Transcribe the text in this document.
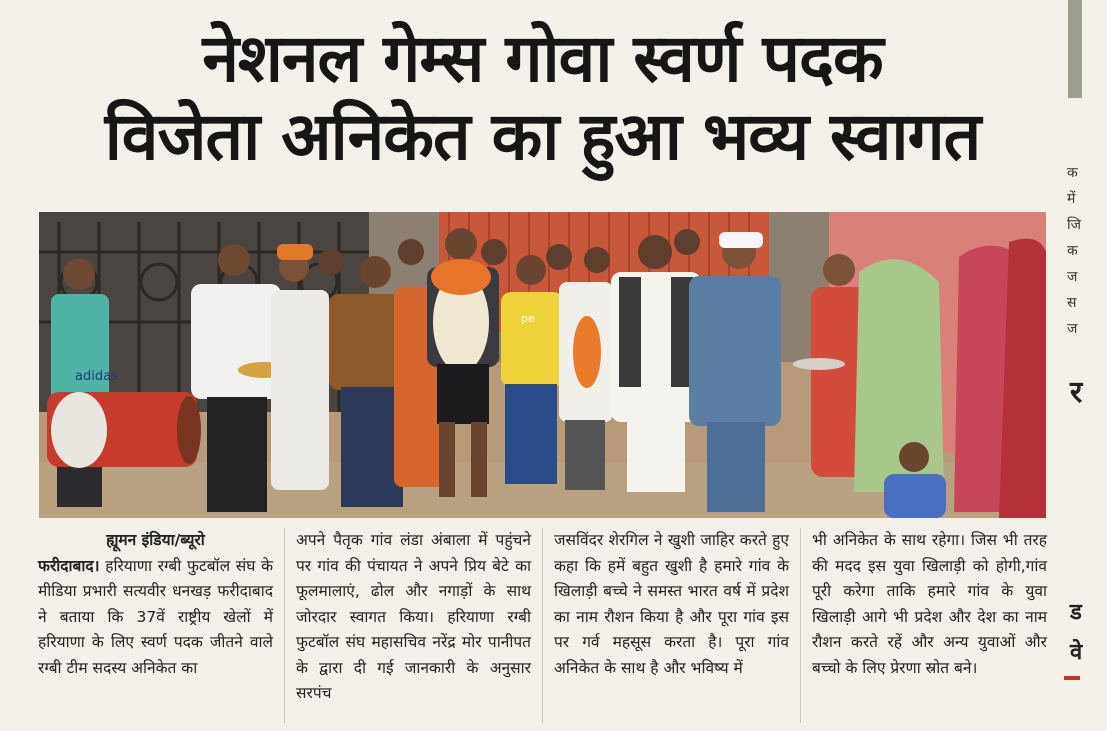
नेशनल गेम्स गोवा स्वर्ण पदक
विजेता अनिकेत का हुआ भव्य स्वागत
adidas
pe
ह्यूमन इंडिया/ब्यूरो
फरीदाबाद। हरियाणा रग्बी फुटबॉल संघ के मीडिया प्रभारी सत्यवीर धनखड़ फरीदाबाद ने बताया कि 37वें राष्ट्रीय खेलों में हरियाणा के लिए स्वर्ण पदक जीतने वाले रग्बी टीम सदस्य अनिकेत का
अपने पैतृक गांव लंडा अंबाला में पहुंचने पर गांव की पंचायत ने अपने प्रिय बेटे का फूलमालाएं, ढोल और नगाड़ों के साथ जोरदार स्वागत किया। हरियाणा रग्बी फुटबॉल संघ महासचिव नरेंद्र मोर पानीपत के द्वारा दी गई जानकारी के अनुसार सरपंच
जसविंदर शेरगिल ने खुशी जाहिर करते हुए कहा कि हमें बहुत खुशी है हमारे गांव के खिलाड़ी बच्चे ने समस्त भारत वर्ष में प्रदेश का नाम रौशन किया है और पूरा गांव इस पर गर्व महसूस करता है। पूरा गांव अनिकेत के साथ है और भविष्य में
भी अनिकेत के साथ रहेगा। जिस भी तरह की मदद इस युवा खिलाड़ी को होगी,गांव पूरी करेगा ताकि हमारे गांव के युवा खिलाड़ी आगे भी प्रदेश और देश का नाम रौशन करते रहें और अन्य युवाओं और बच्चो के लिए प्रेरणा स्रोत बने।
क
में
जि
क
ज
स
ज
र
ड
वे
